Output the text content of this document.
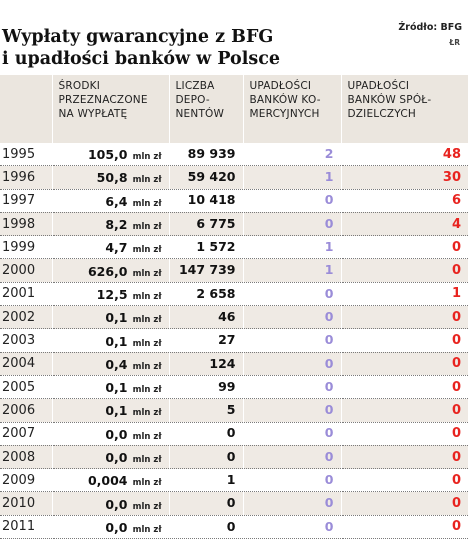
Wypłaty gwarancyjne z BFG
i upadłości banków w Polsce
Źródło: BFG
ŁR
	ŚRODKI
PRZEZNACZONE
NA WYPŁATĘ	LICZBA
DEPO-
NENTÓW	UPADŁOŚCI
BANKÓW KO-
MERCYJNYCH	UPADŁOŚCI
BANKÓW SPÓŁ-
DZIELCZYCH
1995	105,0 mln zł	89 939	2	48
1996	50,8 mln zł	59 420	1	30
1997	6,4 mln zł	10 418	0	6
1998	8,2 mln zł	6 775	0	4
1999	4,7 mln zł	1 572	1	0
2000	626,0 mln zł	147 739	1	0
2001	12,5 mln zł	2 658	0	1
2002	0,1 mln zł	46	0	0
2003	0,1 mln zł	27	0	0
2004	0,4 mln zł	124	0	0
2005	0,1 mln zł	99	0	0
2006	0,1 mln zł	5	0	0
2007	0,0 mln zł	0	0	0
2008	0,0 mln zł	0	0	0
2009	0,004 mln zł	1	0	0
2010	0,0 mln zł	0	0	0
2011	0,0 mln zł	0	0	0
